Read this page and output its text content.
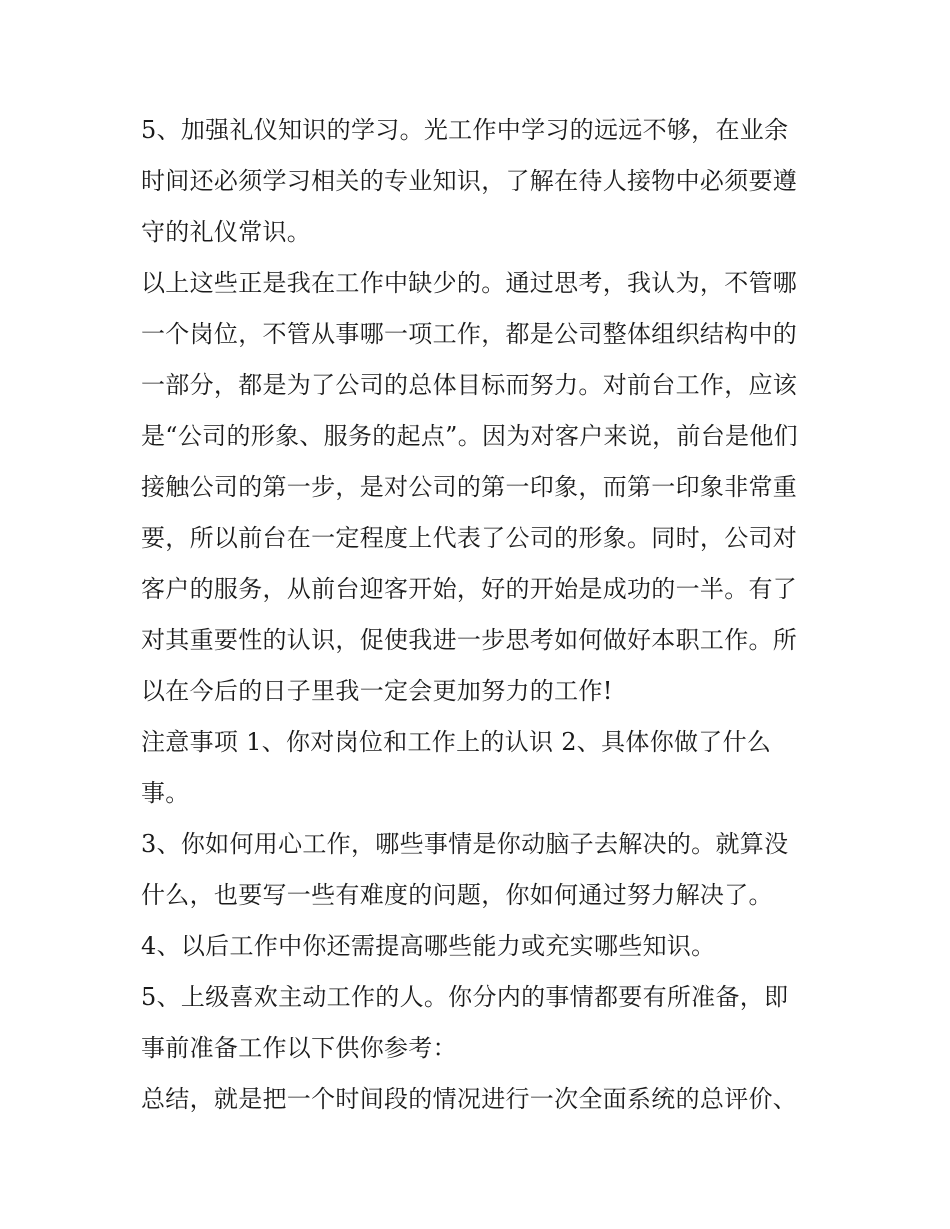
5、加强礼仪知识的学习。光工作中学习的远远不够，在业余
时间还必须学习相关的专业知识，了解在待人接物中必须要遵
守的礼仪常识。
以上这些正是我在工作中缺少的。通过思考，我认为，不管哪
一个岗位，不管从事哪一项工作，都是公司整体组织结构中的
一部分，都是为了公司的总体目标而努力。对前台工作，应该
是“公司的形象、服务的起点”。因为对客户来说，前台是他们
接触公司的第一步，是对公司的第一印象，而第一印象非常重
要，所以前台在一定程度上代表了公司的形象。同时，公司对
客户的服务，从前台迎客开始，好的开始是成功的一半。有了
对其重要性的认识，促使我进一步思考如何做好本职工作。所
以在今后的日子里我一定会更加努力的工作!
注意事项 1、你对岗位和工作上的认识 2、具体你做了什么
事。
3、你如何用心工作，哪些事情是你动脑子去解决的。就算没
什么，也要写一些有难度的问题，你如何通过努力解决了。
4、以后工作中你还需提高哪些能力或充实哪些知识。
5、上级喜欢主动工作的人。你分内的事情都要有所准备，即
事前准备工作以下供你参考：
总结，就是把一个时间段的情况进行一次全面系统的总评价、
